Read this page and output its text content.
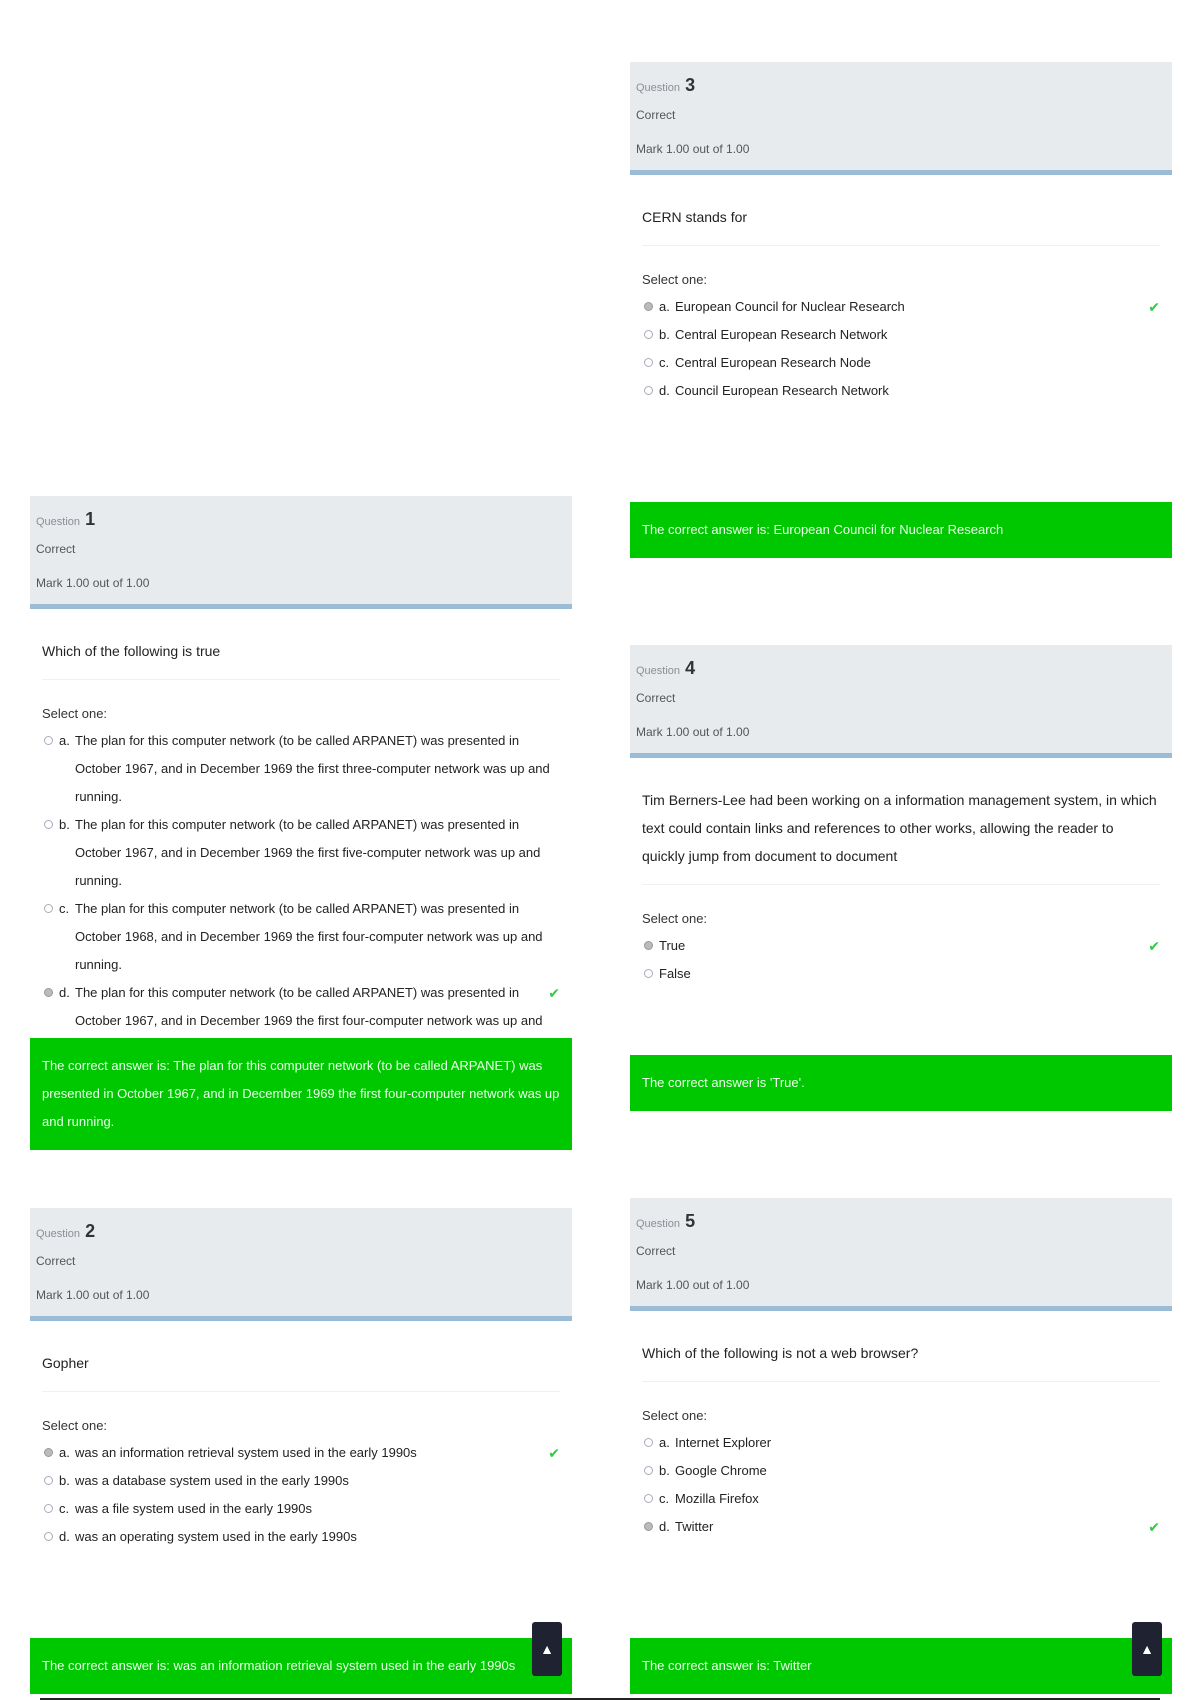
Question 1
Correct
Mark 1.00 out of 1.00
Which of the following is true
Select one:
a. The plan for this computer network (to be called ARPANET) was presented in October 1967, and in December 1969 the first three-computer network was up and running.
b. The plan for this computer network (to be called ARPANET) was presented in October 1967, and in December 1969 the first five-computer network was up and running.
c. The plan for this computer network (to be called ARPANET) was presented in October 1968, and in December 1969 the first four-computer network was up and running.
d. The plan for this computer network (to be called ARPANET) was presented in October 1967, and in December 1969 the first four-computer network was up and
✔
The correct answer is: The plan for this computer network (to be called ARPANET) was presented in October 1967, and in December 1969 the first four-computer network was up and running.
Question 2
Correct
Mark 1.00 out of 1.00
Gopher
Select one:
a. was an information retrieval system used in the early 1990s	✔
b. was a database system used in the early 1990s
c. was a file system used in the early 1990s
d. was an operating system used in the early 1990s
The correct answer is: was an information retrieval system used in the early 1990s
▲
Question 3
Correct
Mark 1.00 out of 1.00
CERN stands for
Select one:
a. European Council for Nuclear Research	✔
b. Central European Research Network
c. Central European Research Node
d. Council European Research Network
The correct answer is: European Council for Nuclear Research
Question 4
Correct
Mark 1.00 out of 1.00
Tim Berners-Lee had been working on a information management system, in which text could contain links and references to other works, allowing the reader to quickly jump from document to document
Select one:
True	✔
False
The correct answer is 'True'.
Question 5
Correct
Mark 1.00 out of 1.00
Which of the following is not a web browser?
Select one:
a. Internet Explorer
b. Google Chrome
c. Mozilla Firefox
d. Twitter	✔
The correct answer is: Twitter
▲
